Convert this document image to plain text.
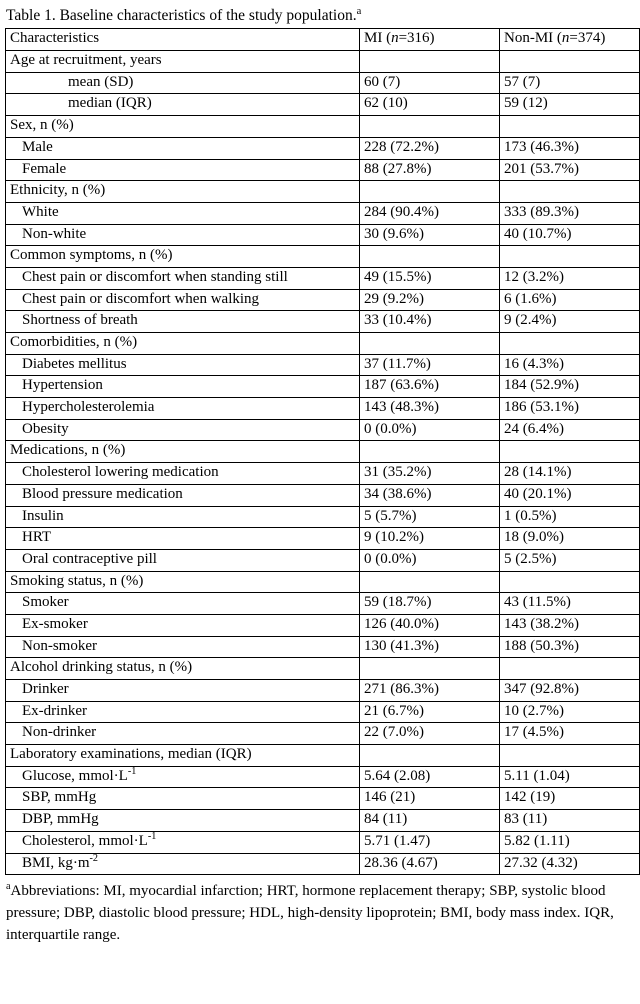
Table 1. Baseline characteristics of the study population.$^a$
Characteristics	MI (n=316)	Non-MI (n=374)
Age at recruitment, years		
mean (SD)	60 (7)	57 (7)
median (IQR)	62 (10)	59 (12)
Sex, n (%)		
Male	228 (72.2%)	173 (46.3%)
Female	88 (27.8%)	201 (53.7%)
Ethnicity, n (%)		
White	284 (90.4%)	333 (89.3%)
Non-white	30 (9.6%)	40 (10.7%)
Common symptoms, n (%)		
Chest pain or discomfort when standing still	49 (15.5%)	12 (3.2%)
Chest pain or discomfort when walking	29 (9.2%)	6 (1.6%)
Shortness of breath	33 (10.4%)	9 (2.4%)
Comorbidities, n (%)		
Diabetes mellitus	37 (11.7%)	16 (4.3%)
Hypertension	187 (63.6%)	184 (52.9%)
Hypercholesterolemia	143 (48.3%)	186 (53.1%)
Obesity	0 (0.0%)	24 (6.4%)
Medications, n (%)		
Cholesterol lowering medication	31 (35.2%)	28 (14.1%)
Blood pressure medication	34 (38.6%)	40 (20.1%)
Insulin	5 (5.7%)	1 (0.5%)
HRT	9 (10.2%)	18 (9.0%)
Oral contraceptive pill	0 (0.0%)	5 (2.5%)
Smoking status, n (%)		
Smoker	59 (18.7%)	43 (11.5%)
Ex-smoker	126 (40.0%)	143 (38.2%)
Non-smoker	130 (41.3%)	188 (50.3%)
Alcohol drinking status, n (%)		
Drinker	271 (86.3%)	347 (92.8%)
Ex-drinker	21 (6.7%)	10 (2.7%)
Non-drinker	22 (7.0%)	17 (4.5%)
Laboratory examinations, median (IQR)		
Glucose, $mmol\cdot L^{-1}$	5.64 (2.08)	5.11 (1.04)
SBP, mmHg	146 (21)	142 (19)
DBP, mmHg	84 (11)	83 (11)
Cholesterol, $mmol\cdot L^{-1}$	5.71 (1.47)	5.82 (1.11)
BMI, $kg\cdot m^{-2}$	28.36 (4.67)	27.32 (4.32)
$^a$Abbreviations: MI, myocardial infarction; HRT, hormone replacement therapy; SBP, systolic blood pressure; DBP, diastolic blood pressure; HDL, high-density lipoprotein; BMI, body mass index. IQR, interquartile range.
